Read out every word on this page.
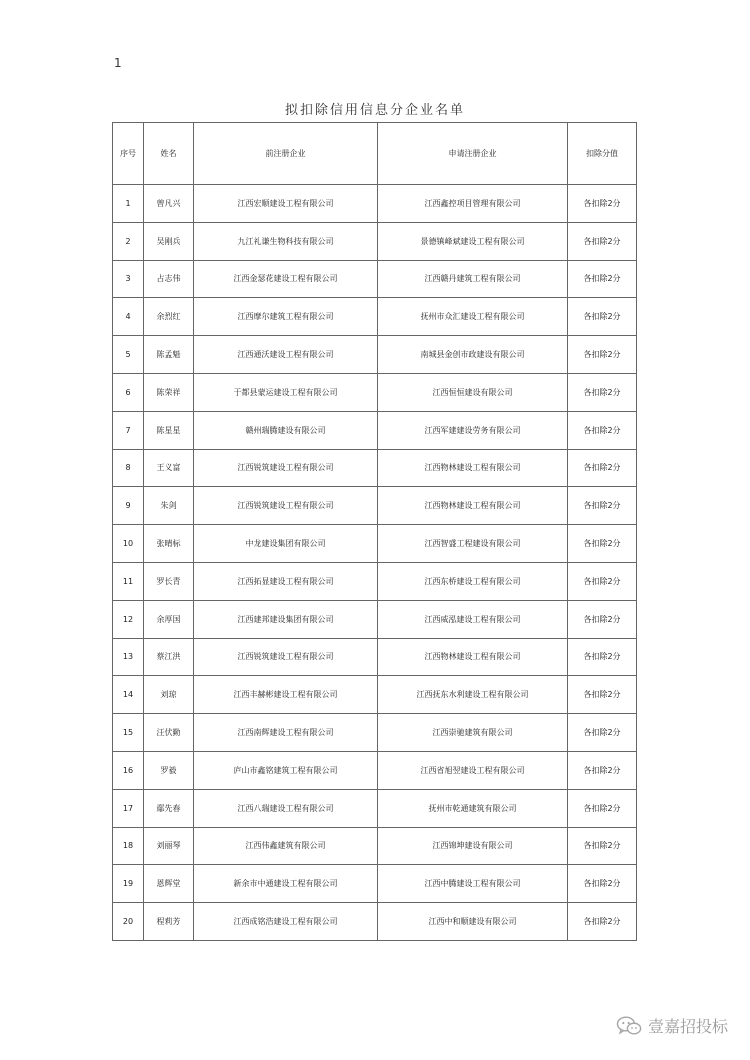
1
拟扣除信用信息分企业名单
序号	姓名	前注册企业	申请注册企业	扣除分值
1	曾凡兴	江西宏顺建设工程有限公司	江西鑫控项目管理有限公司	各扣除2分
2	吴刚兵	九江礼谦生物科技有限公司	景德镇峰斌建设工程有限公司	各扣除2分
3	占志伟	江西金瑟花建设工程有限公司	江西赣丹建筑工程有限公司	各扣除2分
4	余烈红	江西摩尔建筑工程有限公司	抚州市众汇建设工程有限公司	各扣除2分
5	陈孟魁	江西通沃建设工程有限公司	南城县金创市政建设有限公司	各扣除2分
6	陈荣祥	于都县蒙运建设工程有限公司	江西恒恒建设有限公司	各扣除2分
7	陈星星	赣州瑞腾建设有限公司	江西军建建设劳务有限公司	各扣除2分
8	王义富	江西锐筑建设工程有限公司	江西物林建设工程有限公司	各扣除2分
9	朱剑	江西锐筑建设工程有限公司	江西物林建设工程有限公司	各扣除2分
10	张晴标	中龙建设集团有限公司	江西智盛工程建设有限公司	各扣除2分
11	罗长青	江西拓显建设工程有限公司	江西东桥建设工程有限公司	各扣除2分
12	余厚国	江西建邦建设集团有限公司	江西威泓建设工程有限公司	各扣除2分
13	蔡江洪	江西锐筑建设工程有限公司	江西物林建设工程有限公司	各扣除2分
14	刘琼	江西丰赫彬建设工程有限公司	江西抚东水利建设工程有限公司	各扣除2分
15	汪伏勤	江西南辉建设工程有限公司	江西崇驰建筑有限公司	各扣除2分
16	罗毅	庐山市鑫铭建筑工程有限公司	江西省旭翌建设工程有限公司	各扣除2分
17	鄢先春	江西八瑞建设工程有限公司	抚州市乾通建筑有限公司	各扣除2分
18	刘丽琴	江西伟鑫建筑有限公司	江西锦坤建设有限公司	各扣除2分
19	恩辉堂	新余市中通建设工程有限公司	江西中腾建设工程有限公司	各扣除2分
20	程莉芳	江西成铭浩建设工程有限公司	江西中和顺建设有限公司	各扣除2分
壹嘉招投标
